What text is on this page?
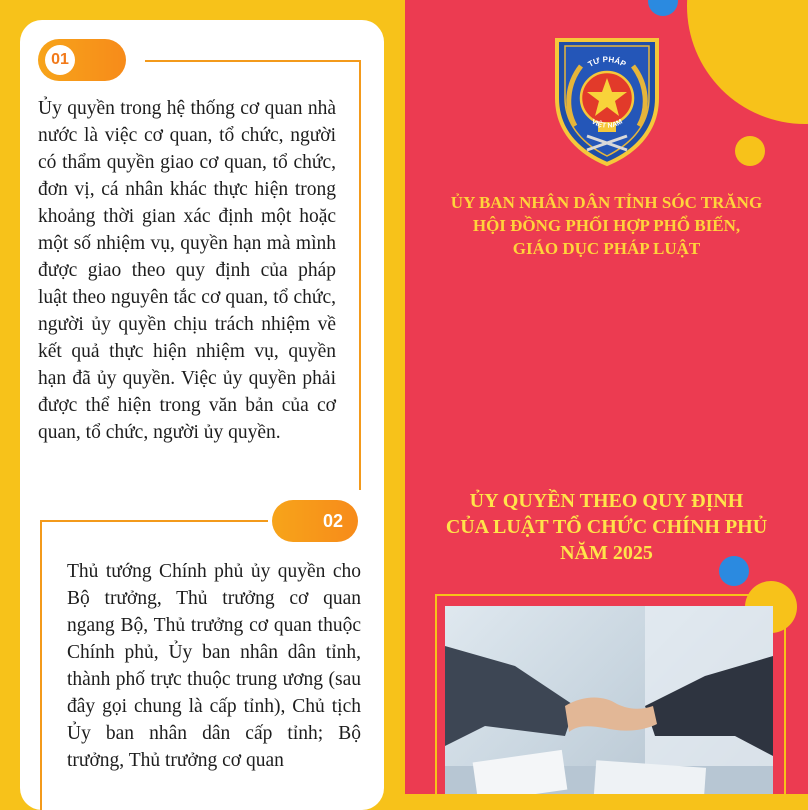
01
Ủy quyền trong hệ thống cơ quan nhà nước là việc cơ quan, tổ chức, người có thẩm quyền giao cơ quan, tổ chức, đơn vị, cá nhân khác thực hiện trong khoảng thời gian xác định một hoặc một số nhiệm vụ, quyền hạn mà mình được giao theo quy định của pháp luật theo nguyên tắc cơ quan, tổ chức, người ủy quyền chịu trách nhiệm về kết quả thực hiện nhiệm vụ, quyền hạn đã ủy quyền. Việc ủy quyền phải được thể hiện trong văn bản của cơ quan, tổ chức, người ủy quyền.
02
Thủ tướng Chính phủ ủy quyền cho Bộ trưởng, Thủ trưởng cơ quan ngang Bộ, Thủ trưởng cơ quan thuộc Chính phủ, Ủy ban nhân dân tỉnh, thành phố trực thuộc trung ương (sau đây gọi chung là cấp tỉnh), Chủ tịch Ủy ban nhân dân cấp tỉnh; Bộ trưởng, Thủ trưởng cơ quan
TƯ PHÁP
VIỆT NAM
ỦY BAN NHÂN DÂN TỈNH SÓC TRĂNG
HỘI ĐỒNG PHỐI HỢP PHỔ BIẾN,
GIÁO DỤC PHÁP LUẬT
ỦY QUYỀN THEO QUY ĐỊNH
CỦA LUẬT TỔ CHỨC CHÍNH PHỦ
NĂM 2025
